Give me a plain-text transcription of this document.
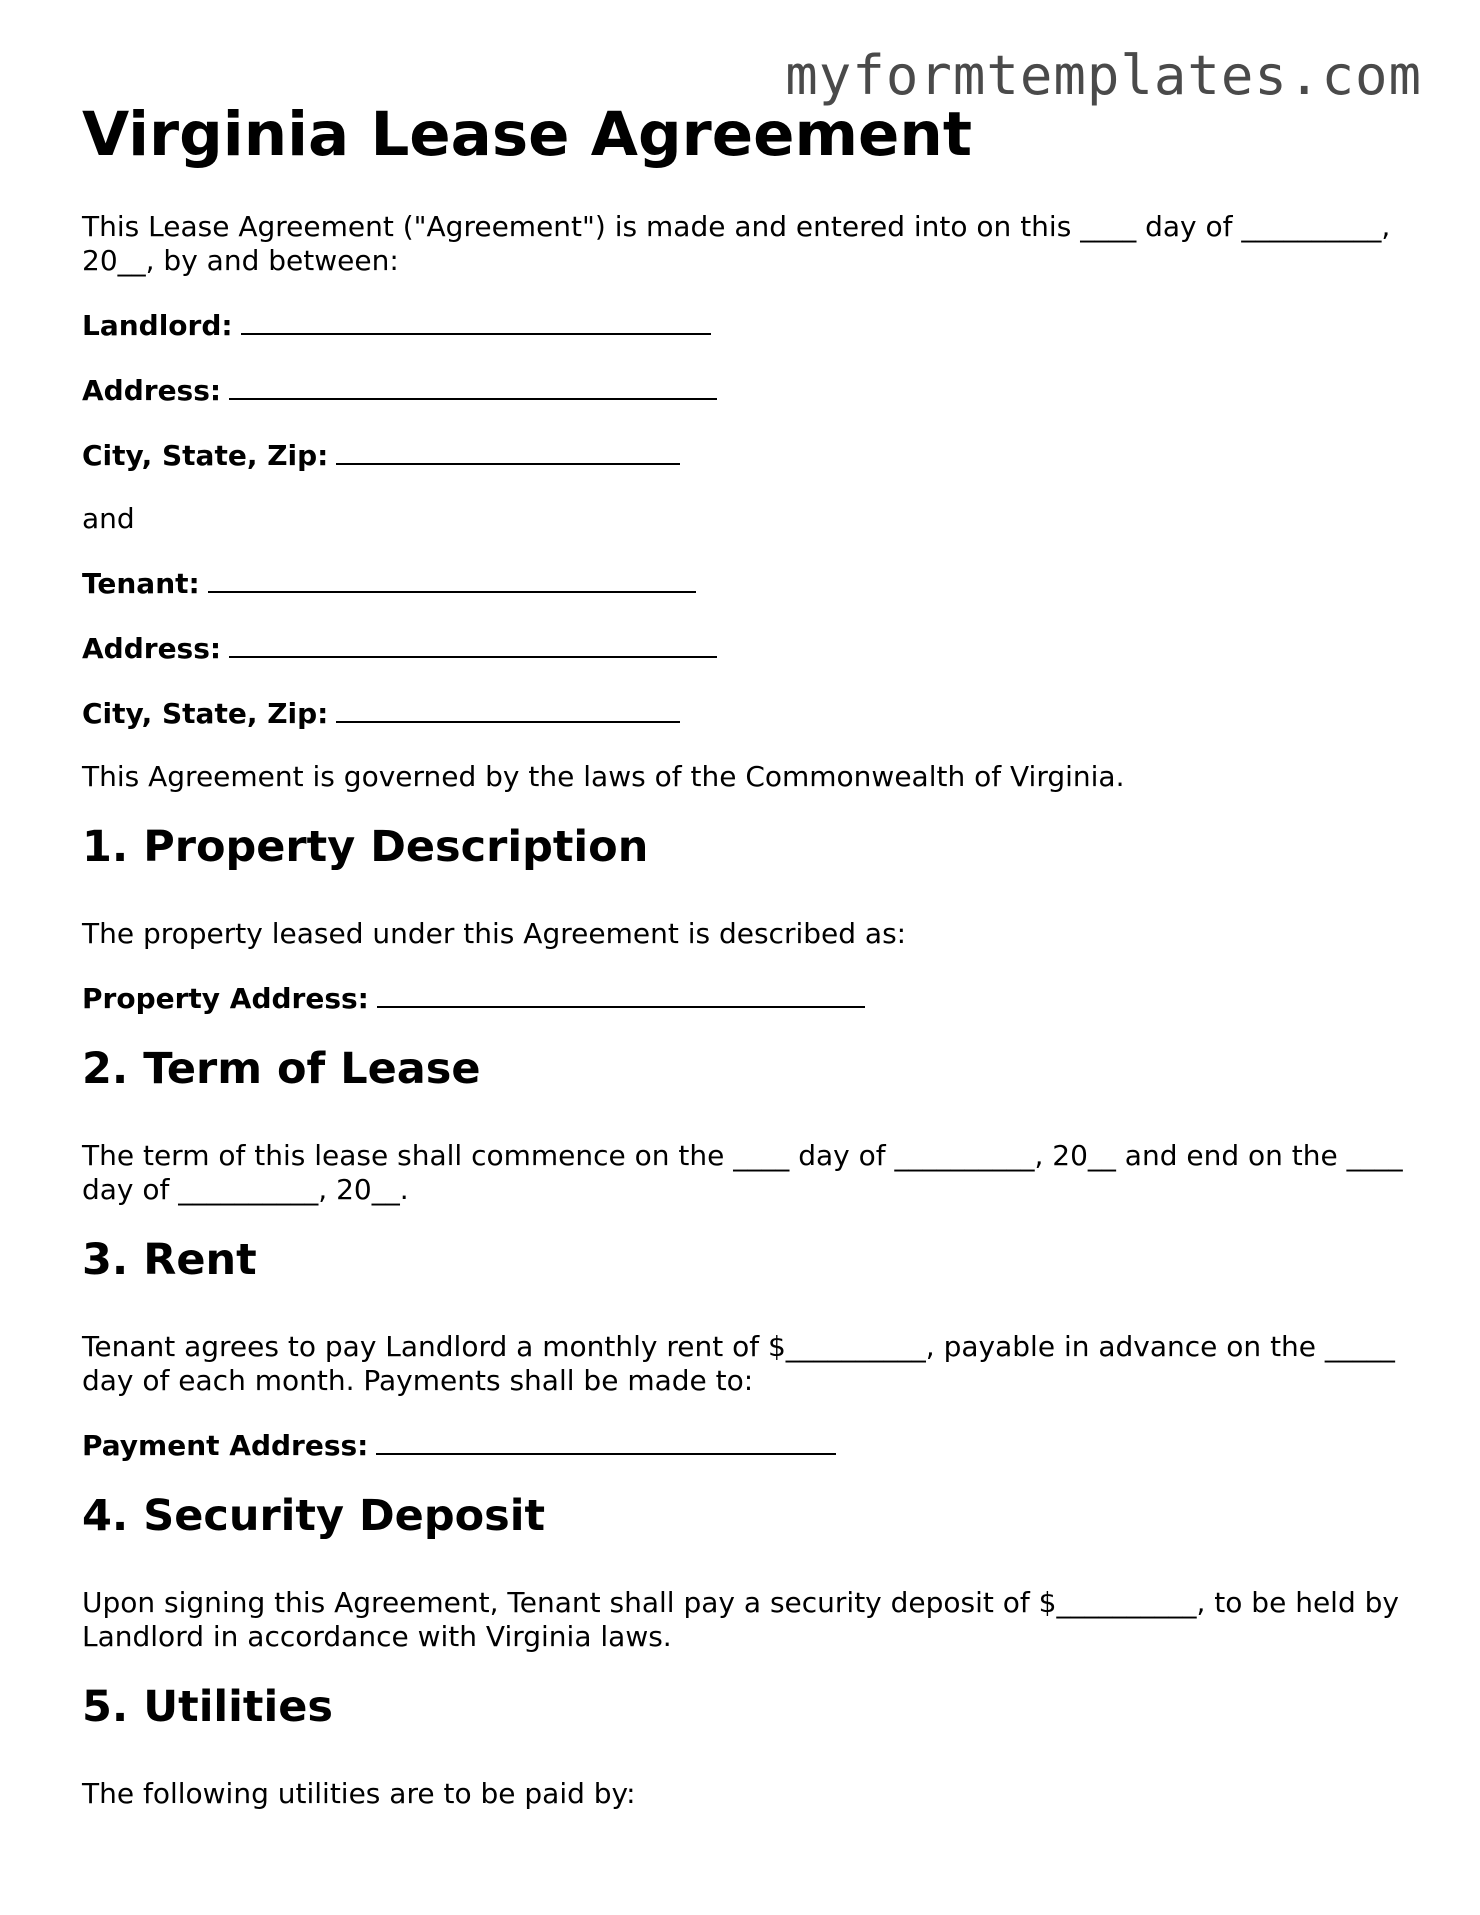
myformtemplates.com
Virginia Lease Agreement

This Lease Agreement ("Agreement") is made and entered into on this ____ day of __________, 20__, by and between:

Landlord:
Address:
City, State, Zip:

and

Tenant:
Address:
City, State, Zip:

This Agreement is governed by the laws of the Commonwealth of Virginia.

1. Property Description

The property leased under this Agreement is described as:

Property Address:
2. Term of Lease

The term of this lease shall commence on the ____ day of __________, 20__ and end on the ____ day of __________, 20__.

3. Rent

Tenant agrees to pay Landlord a monthly rent of $__________, payable in advance on the _____ day of each month. Payments shall be made to:

Payment Address:
4. Security Deposit

Upon signing this Agreement, Tenant shall pay a security deposit of $__________, to be held by Landlord in accordance with Virginia laws.

5. Utilities

The following utilities are to be paid by:
